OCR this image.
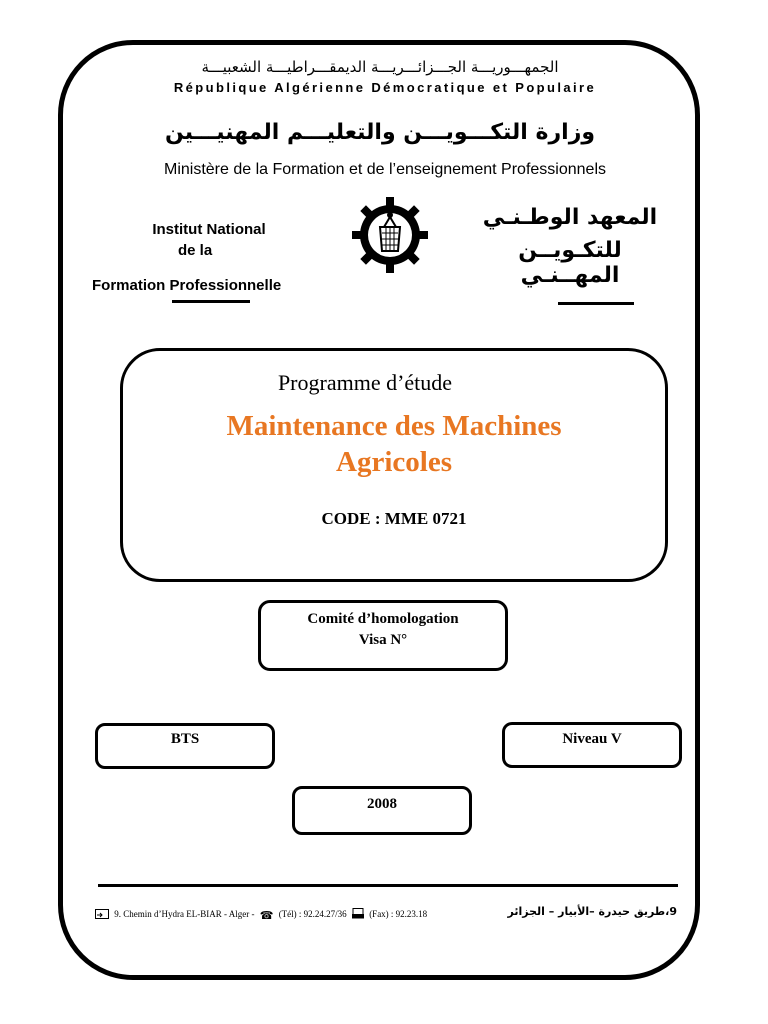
الجمهـــوريـــة الجـــزائـــريـــة الديمقـــراطيـــة الشعبيـــة
République Algérienne Démocratique et Populaire
وزارة التكـــويـــن والتعليـــم المهنيـــين
Ministère de la Formation et de l’enseignement Professionnels
Institut National
de la
Formation Professionnelle
المعهد الوطـنـي
للتكـويــن المهــنـي
Programme d’étude
Maintenance des Machines
Agricoles
CODE : MME 0721
Comité d’homologation
Visa N°
BTS	Niveau V
2008
9. Chemin d’Hydra EL-BIAR - Alger - ☎ (Tél) : 92.24.27/36	(Fax) : 92.23.18	9،طريق حيدرة –الأبيار – الجزائر
